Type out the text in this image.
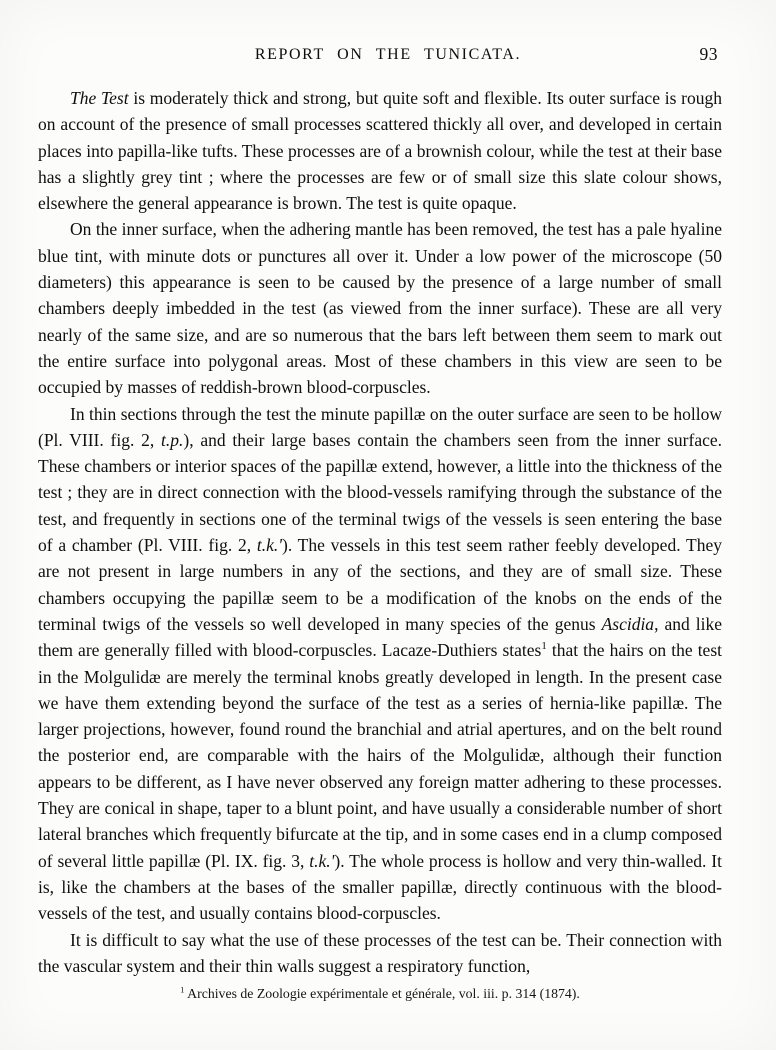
REPORT ON THE TUNICATA.	93

The Test is moderately thick and strong, but quite soft and flexible. Its outer surface is rough on account of the presence of small processes scattered thickly all over, and developed in certain places into papilla-like tufts. These processes are of a brownish colour, while the test at their base has a slightly grey tint ; where the processes are few or of small size this slate colour shows, elsewhere the general appearance is brown. The test is quite opaque.

On the inner surface, when the adhering mantle has been removed, the test has a pale hyaline blue tint, with minute dots or punctures all over it. Under a low power of the microscope (50 diameters) this appearance is seen to be caused by the presence of a large number of small chambers deeply imbedded in the test (as viewed from the inner surface). These are all very nearly of the same size, and are so numerous that the bars left between them seem to mark out the entire surface into polygonal areas. Most of these chambers in this view are seen to be occupied by masses of reddish-brown blood-corpuscles.

In thin sections through the test the minute papillæ on the outer surface are seen to be hollow (Pl. VIII. fig. 2, t.p.), and their large bases contain the chambers seen from the inner surface. These chambers or interior spaces of the papillæ extend, however, a little into the thickness of the test ; they are in direct connection with the blood-vessels ramifying through the substance of the test, and frequently in sections one of the terminal twigs of the vessels is seen entering the base of a chamber (Pl. VIII. fig. 2, t.k.'). The vessels in this test seem rather feebly developed. They are not present in large numbers in any of the sections, and they are of small size. These chambers occupying the papillæ seem to be a modification of the knobs on the ends of the terminal twigs of the vessels so well developed in many species of the genus Ascidia, and like them are generally filled with blood-corpuscles. Lacaze-Duthiers states$^1$ that the hairs on the test in the Molgulidæ are merely the terminal knobs greatly developed in length. In the present case we have them extending beyond the surface of the test as a series of hernia-like papillæ. The larger projections, however, found round the branchial and atrial apertures, and on the belt round the posterior end, are comparable with the hairs of the Molgulidæ, although their function appears to be different, as I have never observed any foreign matter adhering to these processes. They are conical in shape, taper to a blunt point, and have usually a considerable number of short lateral branches which frequently bifurcate at the tip, and in some cases end in a clump composed of several little papillæ (Pl. IX. fig. 3, t.k.'). The whole process is hollow and very thin-walled. It is, like the chambers at the bases of the smaller papillæ, directly continuous with the blood-vessels of the test, and usually contains blood-corpuscles.

It is difficult to say what the use of these processes of the test can be. Their connection with the vascular system and their thin walls suggest a respiratory function,

$^1$ Archives de Zoologie expérimentale et générale, vol. iii. p. 314 (1874).
